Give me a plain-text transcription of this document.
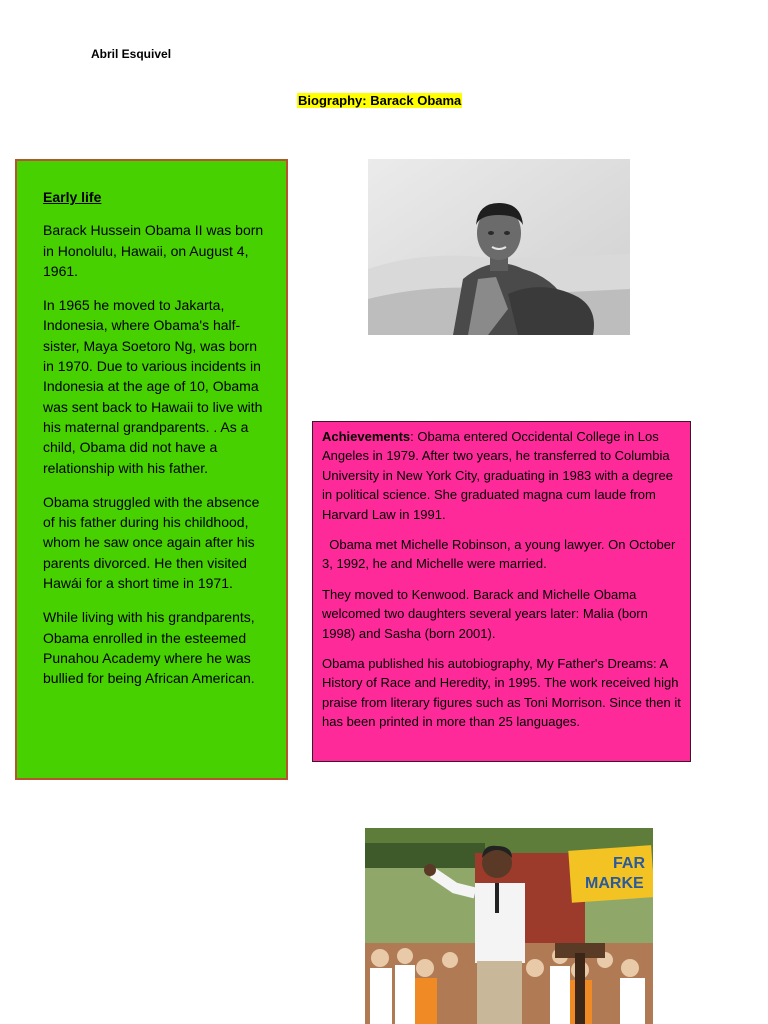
Abril Esquivel
Biography: Barack Obama
Early life

Barack Hussein Obama II was born in Honolulu, Hawaii, on August 4, 1961.

In 1965 he moved to Jakarta, Indonesia, where Obama's half-sister, Maya Soetoro Ng, was born in 1970. Due to various incidents in Indonesia at the age of 10, Obama was sent back to Hawaii to live with his maternal grandparents. . As a child, Obama did not have a relationship with his father.

Obama struggled with the absence of his father during his childhood, whom he saw once again after his parents divorced. He then visited Hawái for a short time in 1971.

While living with his grandparents, Obama enrolled in the esteemed Punahou Academy where he was bullied for being African American.

Achievements: Obama entered Occidental College in Los Angeles in 1979. After two years, he transferred to Columbia University in New York City, graduating in 1983 with a degree in political science. She graduated magna cum laude from Harvard Law in 1991.

Obama met Michelle Robinson, a young lawyer. On October 3, 1992, he and Michelle were married.

They moved to Kenwood. Barack and Michelle Obama welcomed two daughters several years later: Malia (born 1998) and Sasha (born 2001).

Obama published his autobiography, My Father's Dreams: A History of Race and Heredity, in 1995. The work received high praise from literary figures such as Toni Morrison. Since then it has been printed in more than 25 languages.

FAR
MARKE
